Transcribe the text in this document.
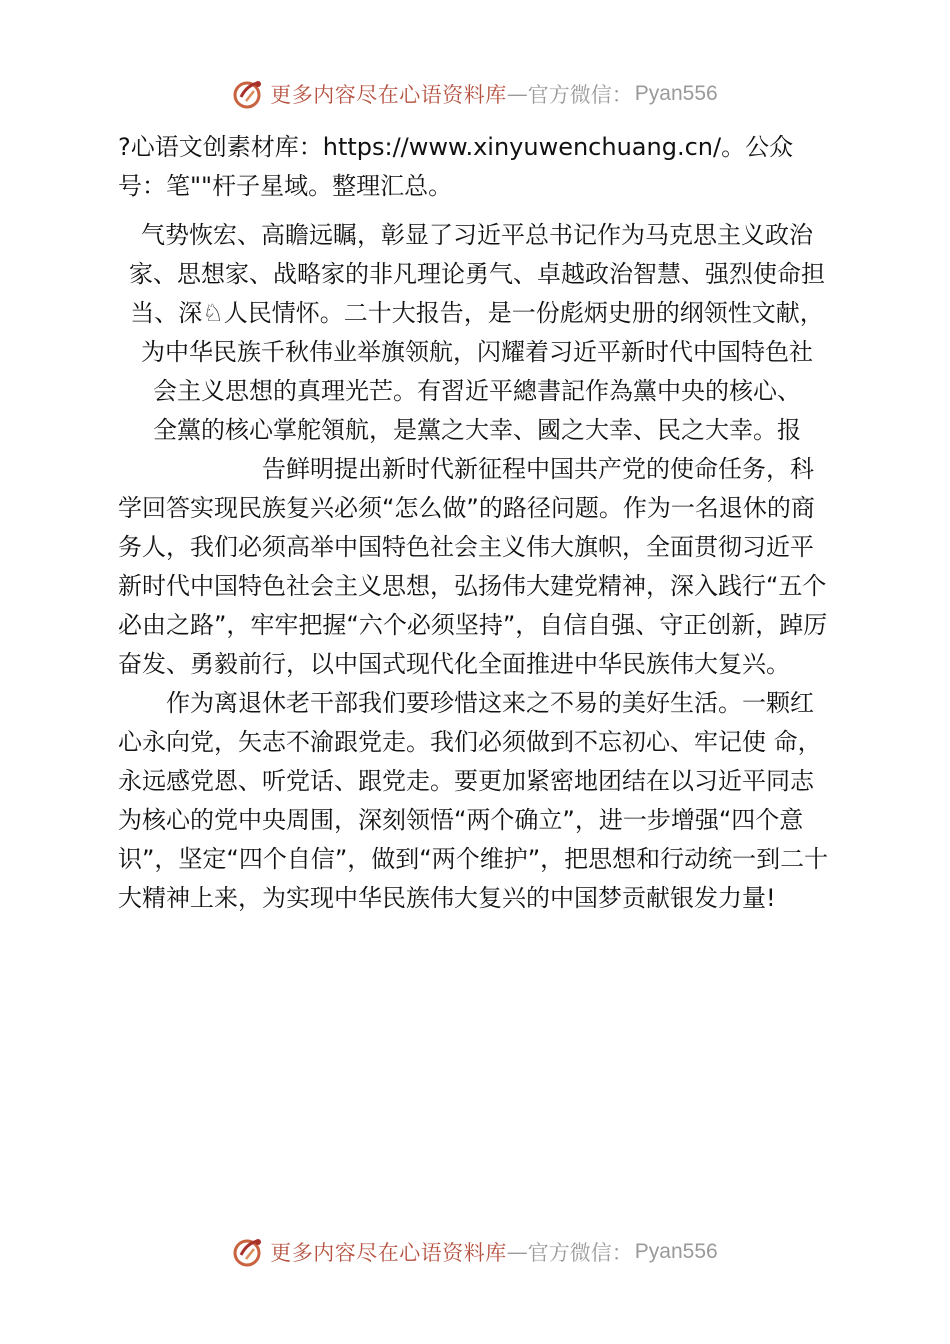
更多内容尽在心语资料库 — 官方微信： Pyan556

?心语文创素材库：https://www.xinyuwenchuang.cn/。公众号：笔""杆子星域。整理汇总。

气势恢宏、高瞻远瞩，彰显了习近平总书记作为马克思主义政治
家、思想家、战略家的非凡理论勇气、卓越政治智慧、强烈使命担
当、深♘人民情怀。二十大报告，是一份彪炳史册的纲领性文献，
为中华民族千秋伟业举旗领航，闪耀着习近平新时代中国特色社
会主义思想的真理光芒。有習近平總書記作為黨中央的核心、
全黨的核心掌舵領航，是黨之大幸、國之大幸、民之大幸。报

告鲜明提出新时代新征程中国共产党的使命任务，科学回答实现民族复兴必须“怎么做”的路径问题。作为一名退休的商务人，我们必须高举中国特色社会主义伟大旗帜，全面贯彻习近平新时代中国特色社会主义思想，弘扬伟大建党精神，深入践行“五个必由之路”，牢牢把握“六个必须坚持”，自信自强、守正创新，踔厉奋发、勇毅前行，以中国式现代化全面推进中华民族伟大复兴。

作为离退休老干部我们要珍惜这来之不易的美好生活。一颗红心永向党，矢志不渝跟党走。我们必须做到不忘初心、牢记使 命，永远感党恩、听党话、跟党走。要更加紧密地团结在以习近平同志为核心的党中央周围，深刻领悟“两个确立”，进一步增强“四个意识”，坚定“四个自信”，做到“两个维护”，把思想和行动统一到二十大精神上来，为实现中华民族伟大复兴的中国梦贡献银发力量!

更多内容尽在心语资料库 — 官方微信： Pyan556
